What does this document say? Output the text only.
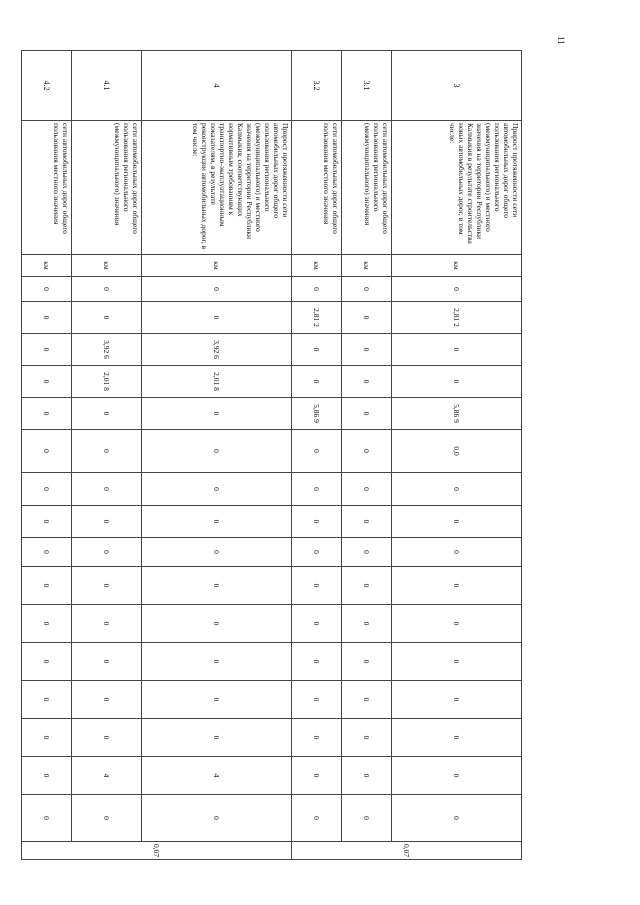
11
3	Прирост протяженности сети автомобильных дорог общего пользования регионального (межмуниципального) и местного значения на территории Республики Калмыкия в результате строительства новых автомобильных дорог, в том числе:	км	0	2,81 2	0	0	5,86 9	0,0	0	0	0	0	0	0	0	0	0	0	0,07
3.1	сети автомобильных дорог общего пользования регионального (межмуниципального) значения	км	0	0	0	0	0	0	0	0	0	0	0	0	0	0	0	0	
3.2	сети автомобильных дорог общего пользования местного значения	км	0	2,81 2	0	0	5,86 9	0	0	0	0	0	0	0	0	0	0	0	
4	Прирост протяженности сети автомобильных дорог общего пользования регионального (межмуниципального) и местного значения на территории Республики Калмыкия, соответствующих нормативным требованиям к транспортно-эксплуатационным показателям, в результате реконструкции автомобильных дорог, в том числе:	км	0	0	3,92 6	2,01 8	0	0	0	0	0	0	0	0	0	0	4	0	0,07
4.1	сети автомобильных дорог общего пользования регионального (межмуниципального) значения	км	0	0	3,92 6	2,01 8	0	0	0	0	0	0	0	0	0	0	4	0	
4.2	сети автомобильных дорог общего пользования местного значения	км	0	0	0	0	0	0	0	0	0	0	0	0	0	0	0	0	
